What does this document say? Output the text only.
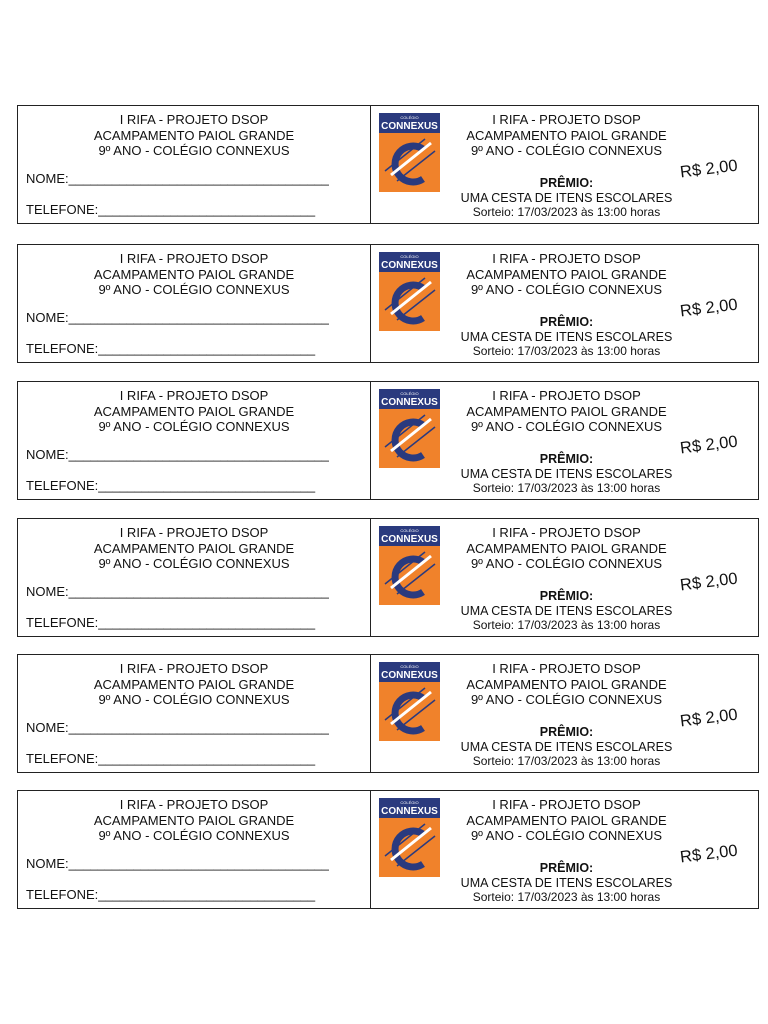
I RIFA - PROJETO DSOP
ACAMPAMENTO PAIOL GRANDE
9º ANO - COLÉGIO CONNEXUS
NOME:____________________________________
TELEFONE:______________________________
COLÉGIO
CONNEXUS	I RIFA - PROJETO DSOP
ACAMPAMENTO PAIOL GRANDE
9º ANO - COLÉGIO CONNEXUS
PRÊMIO:
UMA CESTA DE ITENS ESCOLARES
Sorteio: 17/03/2023 às 13:00 horas
R$ 2,00
I RIFA - PROJETO DSOP
ACAMPAMENTO PAIOL GRANDE
9º ANO - COLÉGIO CONNEXUS
NOME:____________________________________
TELEFONE:______________________________
COLÉGIO
CONNEXUS	I RIFA - PROJETO DSOP
ACAMPAMENTO PAIOL GRANDE
9º ANO - COLÉGIO CONNEXUS
PRÊMIO:
UMA CESTA DE ITENS ESCOLARES
Sorteio: 17/03/2023 às 13:00 horas
R$ 2,00
I RIFA - PROJETO DSOP
ACAMPAMENTO PAIOL GRANDE
9º ANO - COLÉGIO CONNEXUS
NOME:____________________________________
TELEFONE:______________________________
COLÉGIO
CONNEXUS	I RIFA - PROJETO DSOP
ACAMPAMENTO PAIOL GRANDE
9º ANO - COLÉGIO CONNEXUS
PRÊMIO:
UMA CESTA DE ITENS ESCOLARES
Sorteio: 17/03/2023 às 13:00 horas
R$ 2,00
I RIFA - PROJETO DSOP
ACAMPAMENTO PAIOL GRANDE
9º ANO - COLÉGIO CONNEXUS
NOME:____________________________________
TELEFONE:______________________________
COLÉGIO
CONNEXUS	I RIFA - PROJETO DSOP
ACAMPAMENTO PAIOL GRANDE
9º ANO - COLÉGIO CONNEXUS
PRÊMIO:
UMA CESTA DE ITENS ESCOLARES
Sorteio: 17/03/2023 às 13:00 horas
R$ 2,00
I RIFA - PROJETO DSOP
ACAMPAMENTO PAIOL GRANDE
9º ANO - COLÉGIO CONNEXUS
NOME:____________________________________
TELEFONE:______________________________
COLÉGIO
CONNEXUS	I RIFA - PROJETO DSOP
ACAMPAMENTO PAIOL GRANDE
9º ANO - COLÉGIO CONNEXUS
PRÊMIO:
UMA CESTA DE ITENS ESCOLARES
Sorteio: 17/03/2023 às 13:00 horas
R$ 2,00
I RIFA - PROJETO DSOP
ACAMPAMENTO PAIOL GRANDE
9º ANO - COLÉGIO CONNEXUS
NOME:____________________________________
TELEFONE:______________________________
COLÉGIO
CONNEXUS	I RIFA - PROJETO DSOP
ACAMPAMENTO PAIOL GRANDE
9º ANO - COLÉGIO CONNEXUS
PRÊMIO:
UMA CESTA DE ITENS ESCOLARES
Sorteio: 17/03/2023 às 13:00 horas
R$ 2,00
